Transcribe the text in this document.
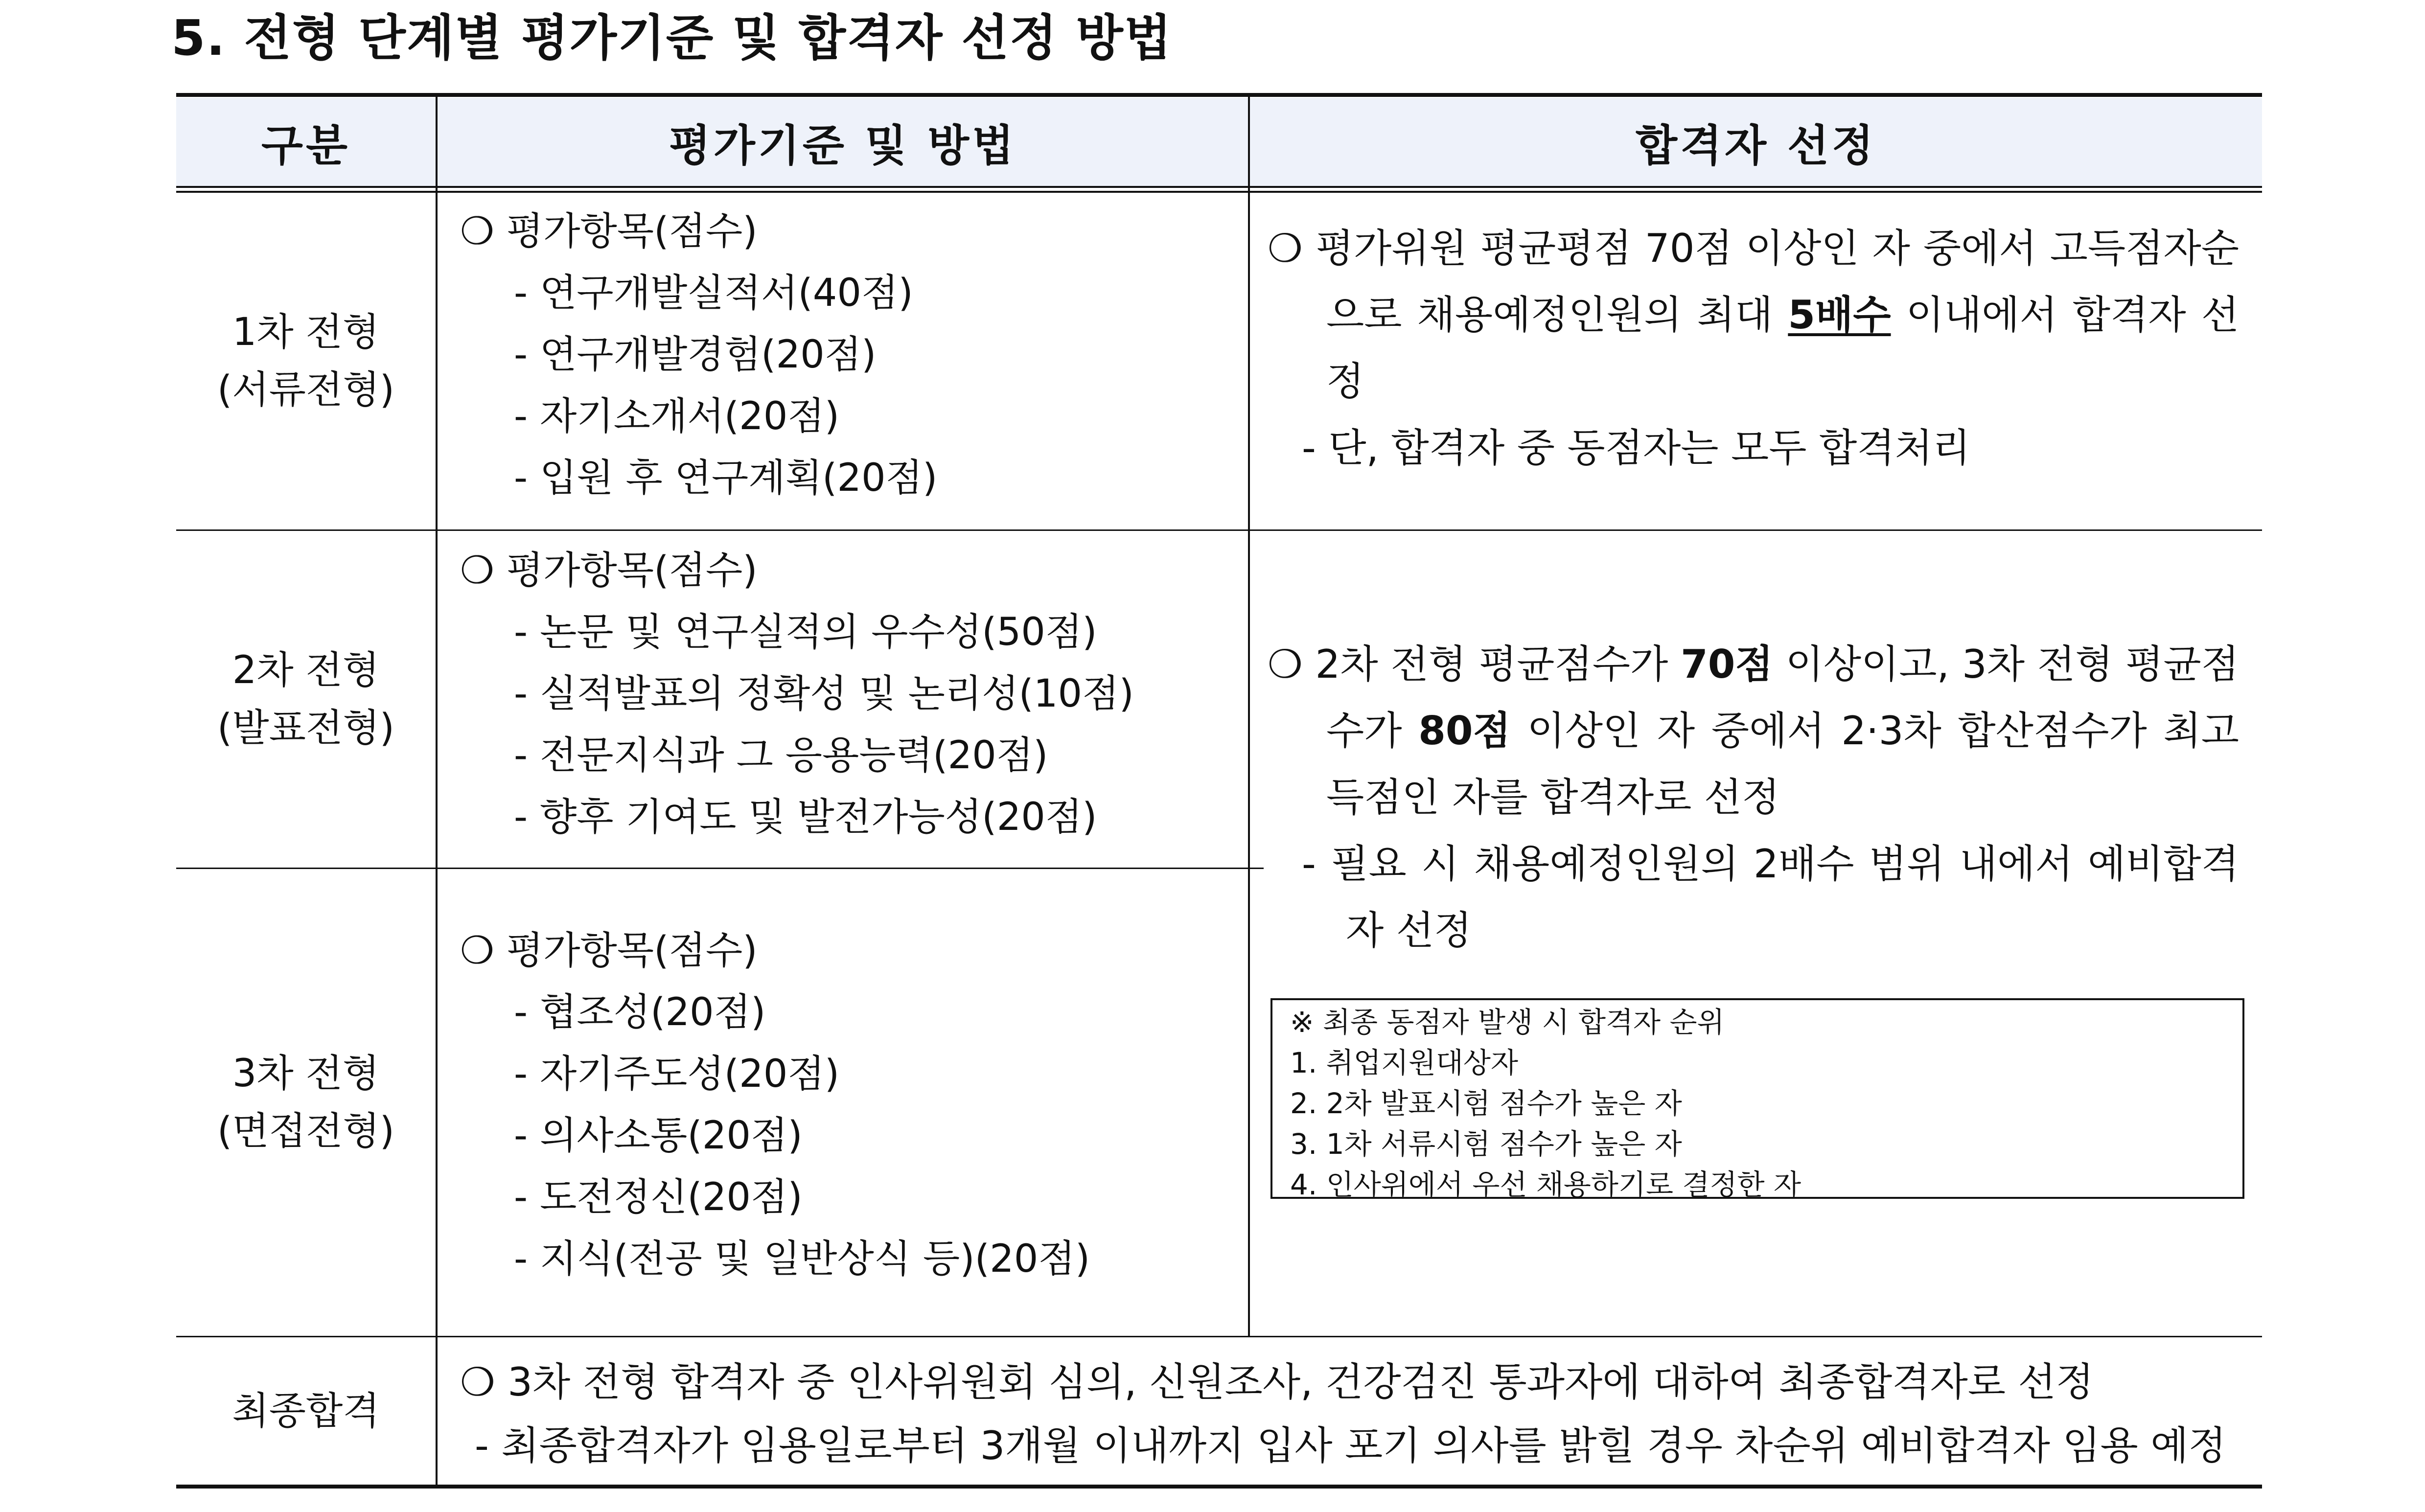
5. 전형 단계별 평가기준 및 합격자 선정 방법
구분	평가기준 및 방법	합격자 선정
1차 전형
(서류전형)
❍ 평가항목(점수)
- 연구개발실적서(40점)
- 연구개발경험(20점)
- 자기소개서(20점)
- 입원 후 연구계획(20점)

❍ 평가위원 평균평점 70점 이상인 자 중에서 고득점자순으로 채용예정인원의 최대 5배수 이내에서 합격자 선정

- 단, 합격자 중 동점자는 모두 합격처리

2차 전형
(발표전형)
❍ 평가항목(점수)
- 논문 및 연구실적의 우수성(50점)
- 실적발표의 정확성 및 논리성(10점)
- 전문지식과 그 응용능력(20점)
- 향후 기여도 및 발전가능성(20점)

❍ 2차 전형 평균점수가 70점 이상이고, 3차 전형 평균점수가 80점 이상인 자 중에서 2·3차 합산점수가 최고 득점인 자를 합격자로 선정

- 필요 시 채용예정인원의 2배수 범위 내에서 예비합격자 선정

※ 최종 동점자 발생 시 합격자 순위
1. 취업지원대상자
2. 2차 발표시험 점수가 높은 자
3. 1차 서류시험 점수가 높은 자
4. 인사위에서 우선 채용하기로 결정한 자
3차 전형
(면접전형)
❍ 평가항목(점수)
- 협조성(20점)
- 자기주도성(20점)
- 의사소통(20점)
- 도전정신(20점)
- 지식(전공 및 일반상식 등)(20점)
최종합격
❍ 3차 전형 합격자 중 인사위원회 심의, 신원조사, 건강검진 통과자에 대하여 최종합격자로 선정
- 최종합격자가 임용일로부터 3개월 이내까지 입사 포기 의사를 밝힐 경우 차순위 예비합격자 임용 예정
